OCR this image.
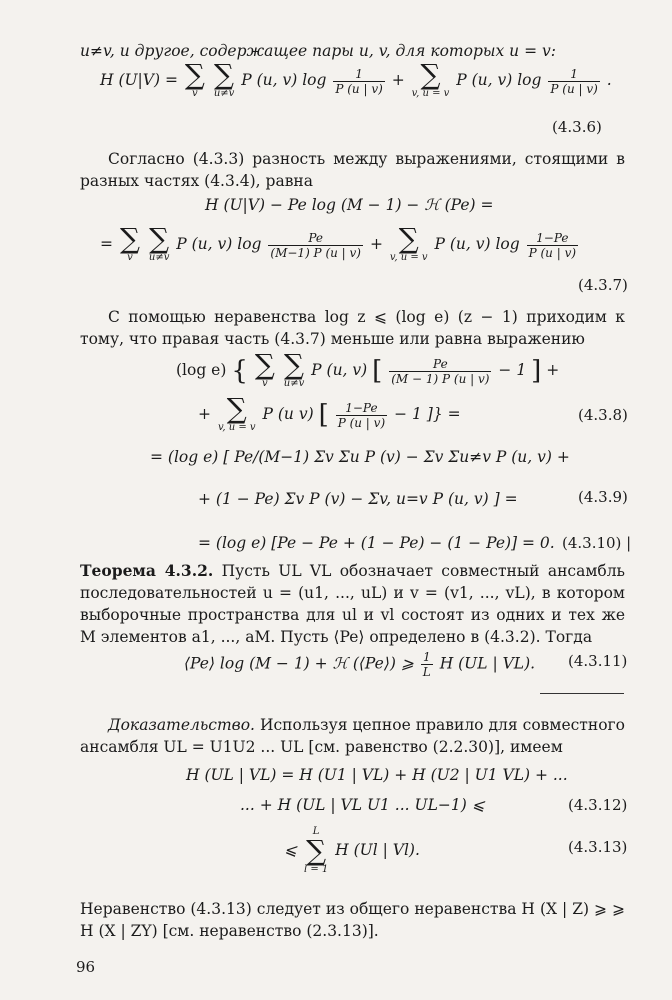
u≠v, и другое, содержащее пары u, v, для которых u = v:
H (U|V) = ∑
v

∑
u≠v
P (u, v) $\log \frac{1}{P (u | v)}$ + ∑
v, u = v
P (u, v) $\log \frac{1}{P (u | v)}$ .
(4.3.6)
Согласно (4.3.3) разность между выражениями, стоящими в разных частях (4.3.4), равна
H (U|V) − Pe log (M − 1) − ℋ (Pe) =
= ∑
v

∑
u≠v
P (u, v) $\log \frac{Pe}{(M-1) P (u | v)}$ + ∑
v, u = v
P (u, v) $\log \frac{1-Pe}{P (u | v)}$
(4.3.7)
С помощью неравенства log z ⩽ (log e) (z − 1) приходим к тому, что правая часть (4.3.7) меньше или равна выражению
(log e) { ∑
v

∑
u≠v
P (u, v) [ $\frac{Pe}{(M - 1) P (u | v)} - 1$ ] +
+ ∑
v, u = v
P (u v) [ $\frac{1-Pe}{P (u | v)} - 1$ ]} =	(4.3.8)
= (log e) [ Pe/(M−1) Σv Σu P (v) − Σv Σu≠v P (u, v) +
+ (1 − Pe) Σv P (v) − Σv, u=v P (u, v) ] =	(4.3.9)
= (log e) [Pe − Pe + (1 − Pe) − (1 − Pe)] = 0. (4.3.10) |
Теорема 4.3.2. Пусть UL VL обозначает совместный ансамбль последовательностей u = (u1, ..., uL) и v = (v1, ..., vL), в котором выборочные пространства для ul и vl состоят из одних и тех же M элементов a1, ..., aM. Пусть ⟨Pe⟩ определено в (4.3.2). Тогда
⟨Pe⟩ log (M − 1) + ℋ (⟨Pe⟩) ⩾ $\frac{1}{L}$ H (UL | VL). (4.3.11)
Доказательство. Используя цепное правило для совместного ансамбля UL = U1U2 ... UL [см. равенство (2.2.30)], имеем
H (UL | VL) = H (U1 | VL) + H (U2 | U1 VL) + ...
... + H (UL | VL U1 ... UL−1) ⩽	(4.3.12)
⩽
L
∑
l = 1
H (Ul | Vl).	(4.3.13)
Неравенство (4.3.13) следует из общего неравенства H (X | Z) ⩾ ⩾ H (X | ZY) [см. неравенство (2.3.13)].
96
